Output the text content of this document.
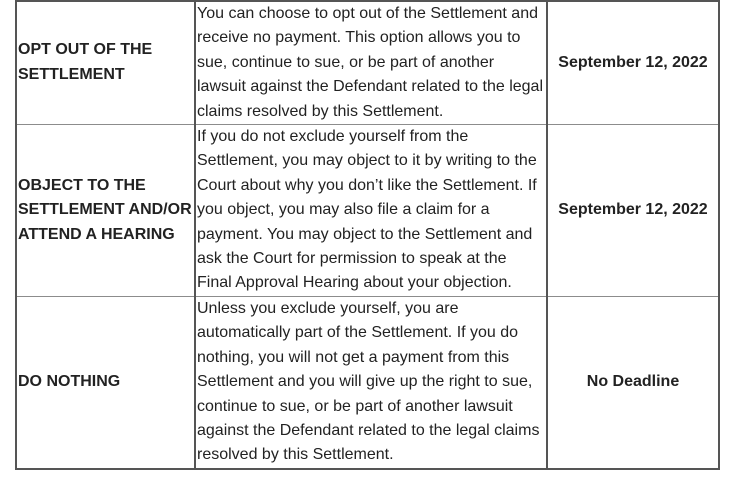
OPT OUT OF THE SETTLEMENT	You can choose to opt out of the Settlement and receive no payment. This option allows you to sue, continue to sue, or be part of another lawsuit against the Defendant related to the legal claims resolved by this Settlement.	September 12, 2022
OBJECT TO THE SETTLEMENT AND/OR ATTEND A HEARING	If you do not exclude yourself from the Settlement, you may object to it by writing to the Court about why you don’t like the Settlement. If you object, you may also file a claim for a payment. You may object to the Settlement and ask the Court for permission to speak at the Final Approval Hearing about your objection.	September 12, 2022
DO NOTHING	Unless you exclude yourself, you are automatically part of the Settlement. If you do nothing, you will not get a payment from this Settlement and you will give up the right to sue, continue to sue, or be part of another lawsuit against the Defendant related to the legal claims resolved by this Settlement.	No Deadline
